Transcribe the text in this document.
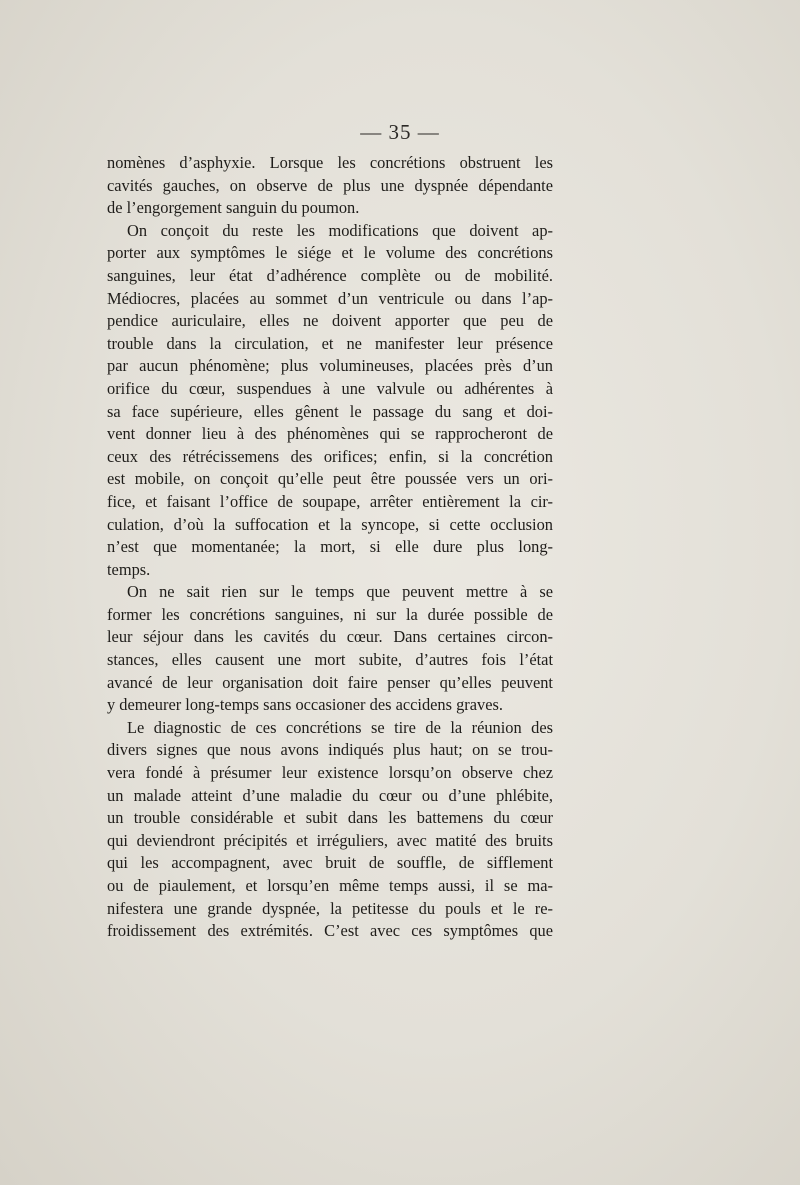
— 35 —
nomènes d’asphyxie. Lorsque les concrétions obstruent les
cavités gauches, on observe de plus une dyspnée dépendante
de l’engorgement sanguin du poumon.
On conçoit du reste les modifications que doivent ap-
porter aux symptômes le siége et le volume des concrétions
sanguines, leur état d’adhérence complète ou de mobilité.
Médiocres, placées au sommet d’un ventricule ou dans l’ap-
pendice auriculaire, elles ne doivent apporter que peu de
trouble dans la circulation, et ne manifester leur présence
par aucun phénomène; plus volumineuses, placées près d’un
orifice du cœur, suspendues à une valvule ou adhérentes à
sa face supérieure, elles gênent le passage du sang et doi-
vent donner lieu à des phénomènes qui se rapprocheront de
ceux des rétrécissemens des orifices; enfin, si la concrétion
est mobile, on conçoit qu’elle peut être poussée vers un ori-
fice, et faisant l’office de soupape, arrêter entièrement la cir-
culation, d’où la suffocation et la syncope, si cette occlusion
n’est que momentanée; la mort, si elle dure plus long-
temps.
On ne sait rien sur le temps que peuvent mettre à se
former les concrétions sanguines, ni sur la durée possible de
leur séjour dans les cavités du cœur. Dans certaines circon-
stances, elles causent une mort subite, d’autres fois l’état
avancé de leur organisation doit faire penser qu’elles peuvent
y demeurer long-temps sans occasioner des accidens graves.
Le diagnostic de ces concrétions se tire de la réunion des
divers signes que nous avons indiqués plus haut; on se trou-
vera fondé à présumer leur existence lorsqu’on observe chez
un malade atteint d’une maladie du cœur ou d’une phlébite,
un trouble considérable et subit dans les battemens du cœur
qui deviendront précipités et irréguliers, avec matité des bruits
qui les accompagnent, avec bruit de souffle, de sifflement
ou de piaulement, et lorsqu’en même temps aussi, il se ma-
nifestera une grande dyspnée, la petitesse du pouls et le re-
froidissement des extrémités. C’est avec ces symptômes que
